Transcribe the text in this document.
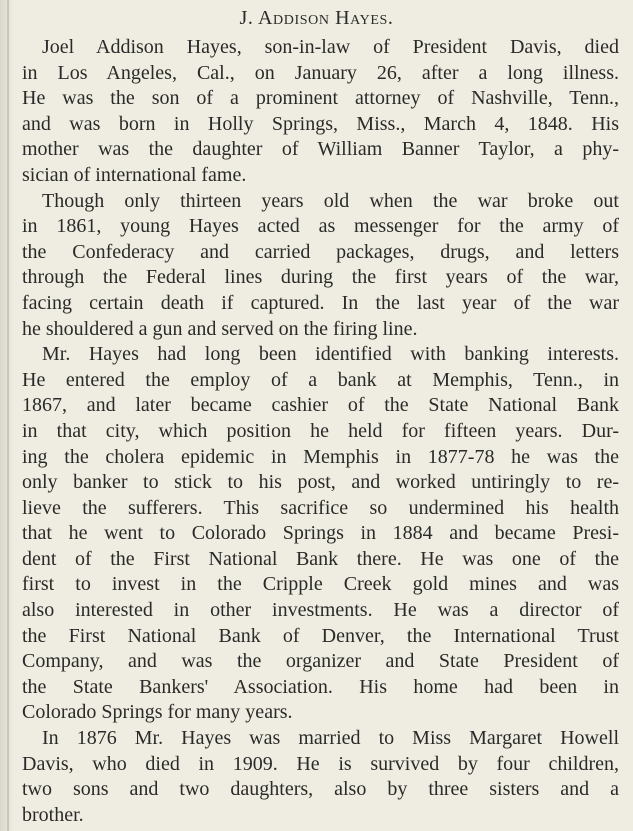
J. Addison Hayes.
Joel Addison Hayes, son-in-law of President Davis, died
in Los Angeles, Cal., on January 26, after a long illness.
He was the son of a prominent attorney of Nashville, Tenn.,
and was born in Holly Springs, Miss., March 4, 1848. His
mother was the daughter of William Banner Taylor, a phy-
sician of international fame.
Though only thirteen years old when the war broke out
in 1861, young Hayes acted as messenger for the army of
the Confederacy and carried packages, drugs, and letters
through the Federal lines during the first years of the war,
facing certain death if captured. In the last year of the war
he shouldered a gun and served on the firing line.
Mr. Hayes had long been identified with banking interests.
He entered the employ of a bank at Memphis, Tenn., in
1867, and later became cashier of the State National Bank
in that city, which position he held for fifteen years. Dur-
ing the cholera epidemic in Memphis in 1877-78 he was the
only banker to stick to his post, and worked untiringly to re-
lieve the sufferers. This sacrifice so undermined his health
that he went to Colorado Springs in 1884 and became Presi-
dent of the First National Bank there. He was one of the
first to invest in the Cripple Creek gold mines and was
also interested in other investments. He was a director of
the First National Bank of Denver, the International Trust
Company, and was the organizer and State President of
the State Bankers' Association. His home had been in
Colorado Springs for many years.
In 1876 Mr. Hayes was married to Miss Margaret Howell
Davis, who died in 1909. He is survived by four children,
two sons and two daughters, also by three sisters and a
brother.
